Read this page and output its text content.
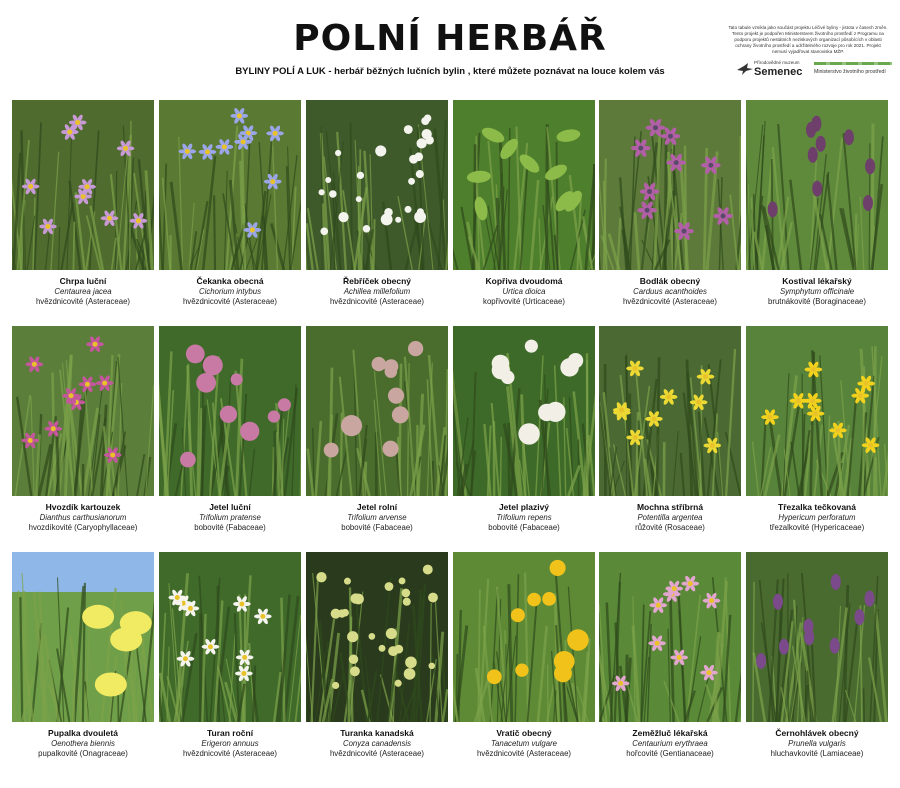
POLNÍ HERBÁŘ
BYLINY POLÍ A LUK - herbář běžných lučních bylin , které můžete poznávat na louce kolem vás
Tato tabule vznikla jako součást projektu Léčivé byliny - jistota v časech změn. Tento projekt je podpořen Ministerstvem životního prostředí z Programu na podporu projektů nestátních neziskových organizací působících v oblasti ochrany životního prostředí a udržitelného rozvoje pro rok 2021. Projekt nemusí vyjadřovat stanoviska MŽP.
Přírodovědné muzeum
Semenec Ministerstvo životního prostředí
Chrpa luční
Centaurea jacea
hvězdnicovité (Asteraceae)
Čekanka obecná
Cichorium intybus
hvězdnicovité (Asteraceae)
Řebříček obecný
Achillea millefolium
hvězdnicovité (Asteraceae)
Kopřiva dvoudomá
Urtica dioica
kopřivovité (Urticaceae)
Bodlák obecný
Carduus acanthoides
hvězdnicovité (Asteraceae)
Kostival lékařský
Symphytum officinale
brutnákovité (Boraginaceae)
Hvozdík kartouzek
Dianthus carthusianorum
hvozdíkovité (Caryophyllaceae)
Jetel luční
Trifolium pratense
bobovité (Fabaceae)
Jetel rolní
Trifolium arvense
bobovité (Fabaceae)
Jetel plazivý
Trifolium repens
bobovité (Fabaceae)
Mochna stříbrná
Potentilla argentea
růžovité (Rosaceae)
Třezalka tečkovaná
Hypericum perforatum
třezalkovité (Hypericaceae)
Pupalka dvouletá
Oenothera biennis
pupalkovité (Onagraceae)
Turan roční
Erigeron annuus
hvězdnicovité (Asteraceae)
Turanka kanadská
Conyza canadensis
hvězdnicovité (Asteraceae)
Vratič obecný
Tanacetum vulgare
hvězdnicovité (Asteraceae)
Zeměžluč lékařská
Centaurium erythraea
hořcovité (Gentianaceae)
Černohlávek obecný
Prunella vulgaris
hluchavkovité (Lamiaceae)
